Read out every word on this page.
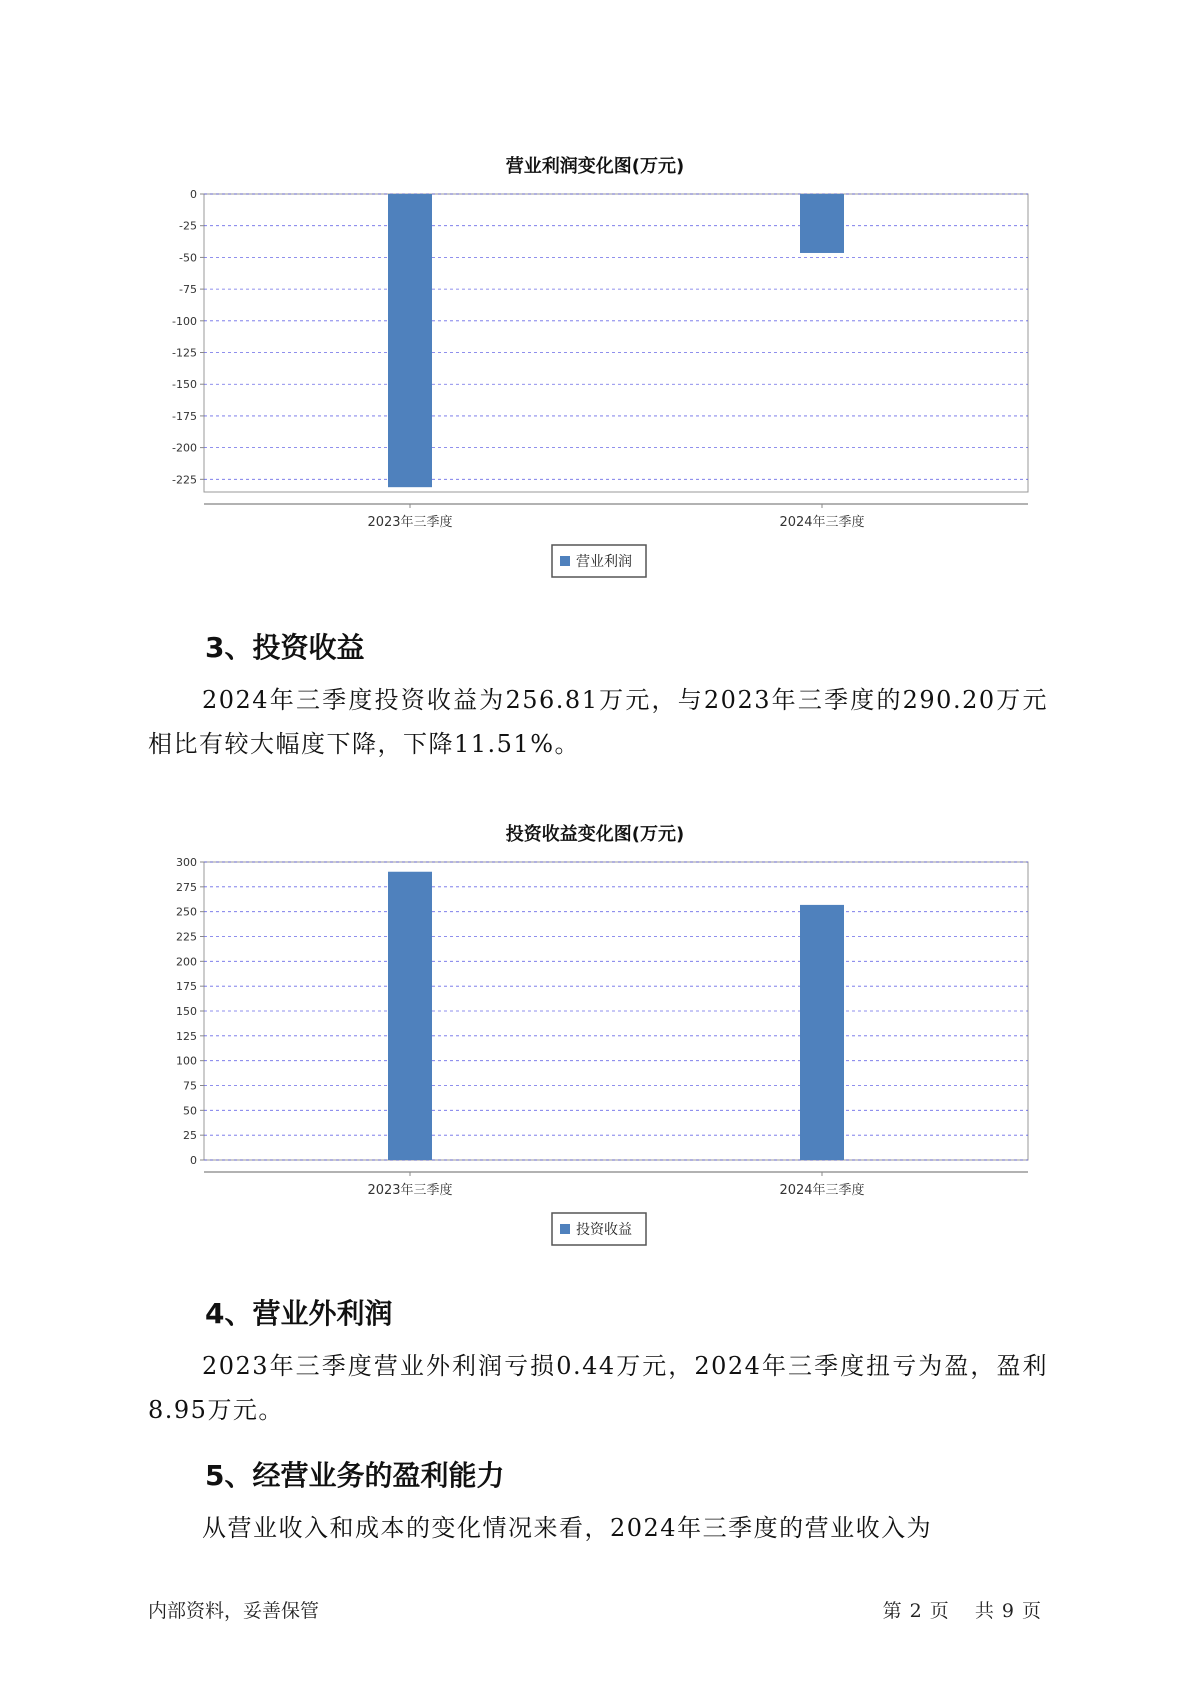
营业利润变化图(万元)
0
-25
-50
-75
-100
-125
-150
-175
-200
-225
2023年三季度	2024年三季度
营业利润
3、投资收益

2024年三季度投资收益为256.81万元，与2023年三季度的290.20万元相比有较大幅度下降，下降11.51%。

投资收益变化图(万元)
300
275
250
225
200
175
150
125
100
75
50
25
0
2023年三季度	2024年三季度
投资收益
4、营业外利润

2023年三季度营业外利润亏损0.44万元，2024年三季度扭亏为盈，盈利8.95万元。

5、经营业务的盈利能力

从营业收入和成本的变化情况来看，2024年三季度的营业收入为

内部资料，妥善保管	第 2 页 共 9 页
